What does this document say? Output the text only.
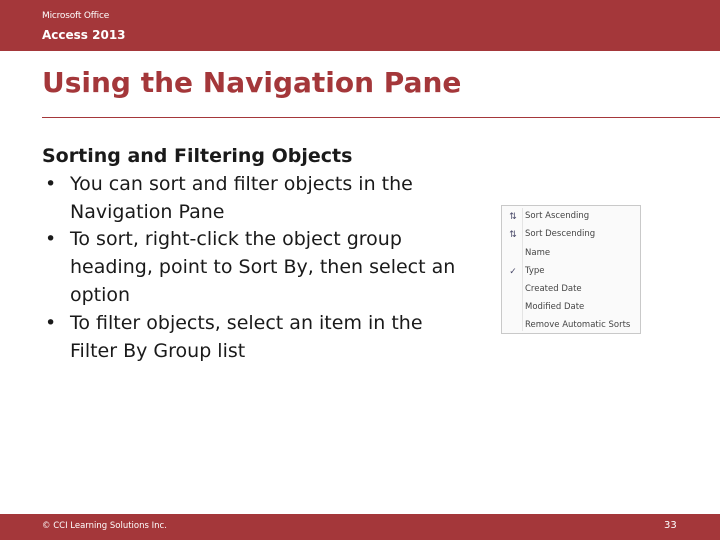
Microsoft Office
Access 2013
Using the Navigation Pane

Sorting and Filtering Objects

• You can sort and filter objects in the Navigation Pane
• To sort, right-click the object group heading, point to Sort By, then select an option
• To filter objects, select an item in the Filter By Group list
⇅ Sort Ascending
⇅ Sort Descending
Name
✓ Type
Created Date
Modified Date
Remove Automatic Sorts
© CCI Learning Solutions Inc.	33
